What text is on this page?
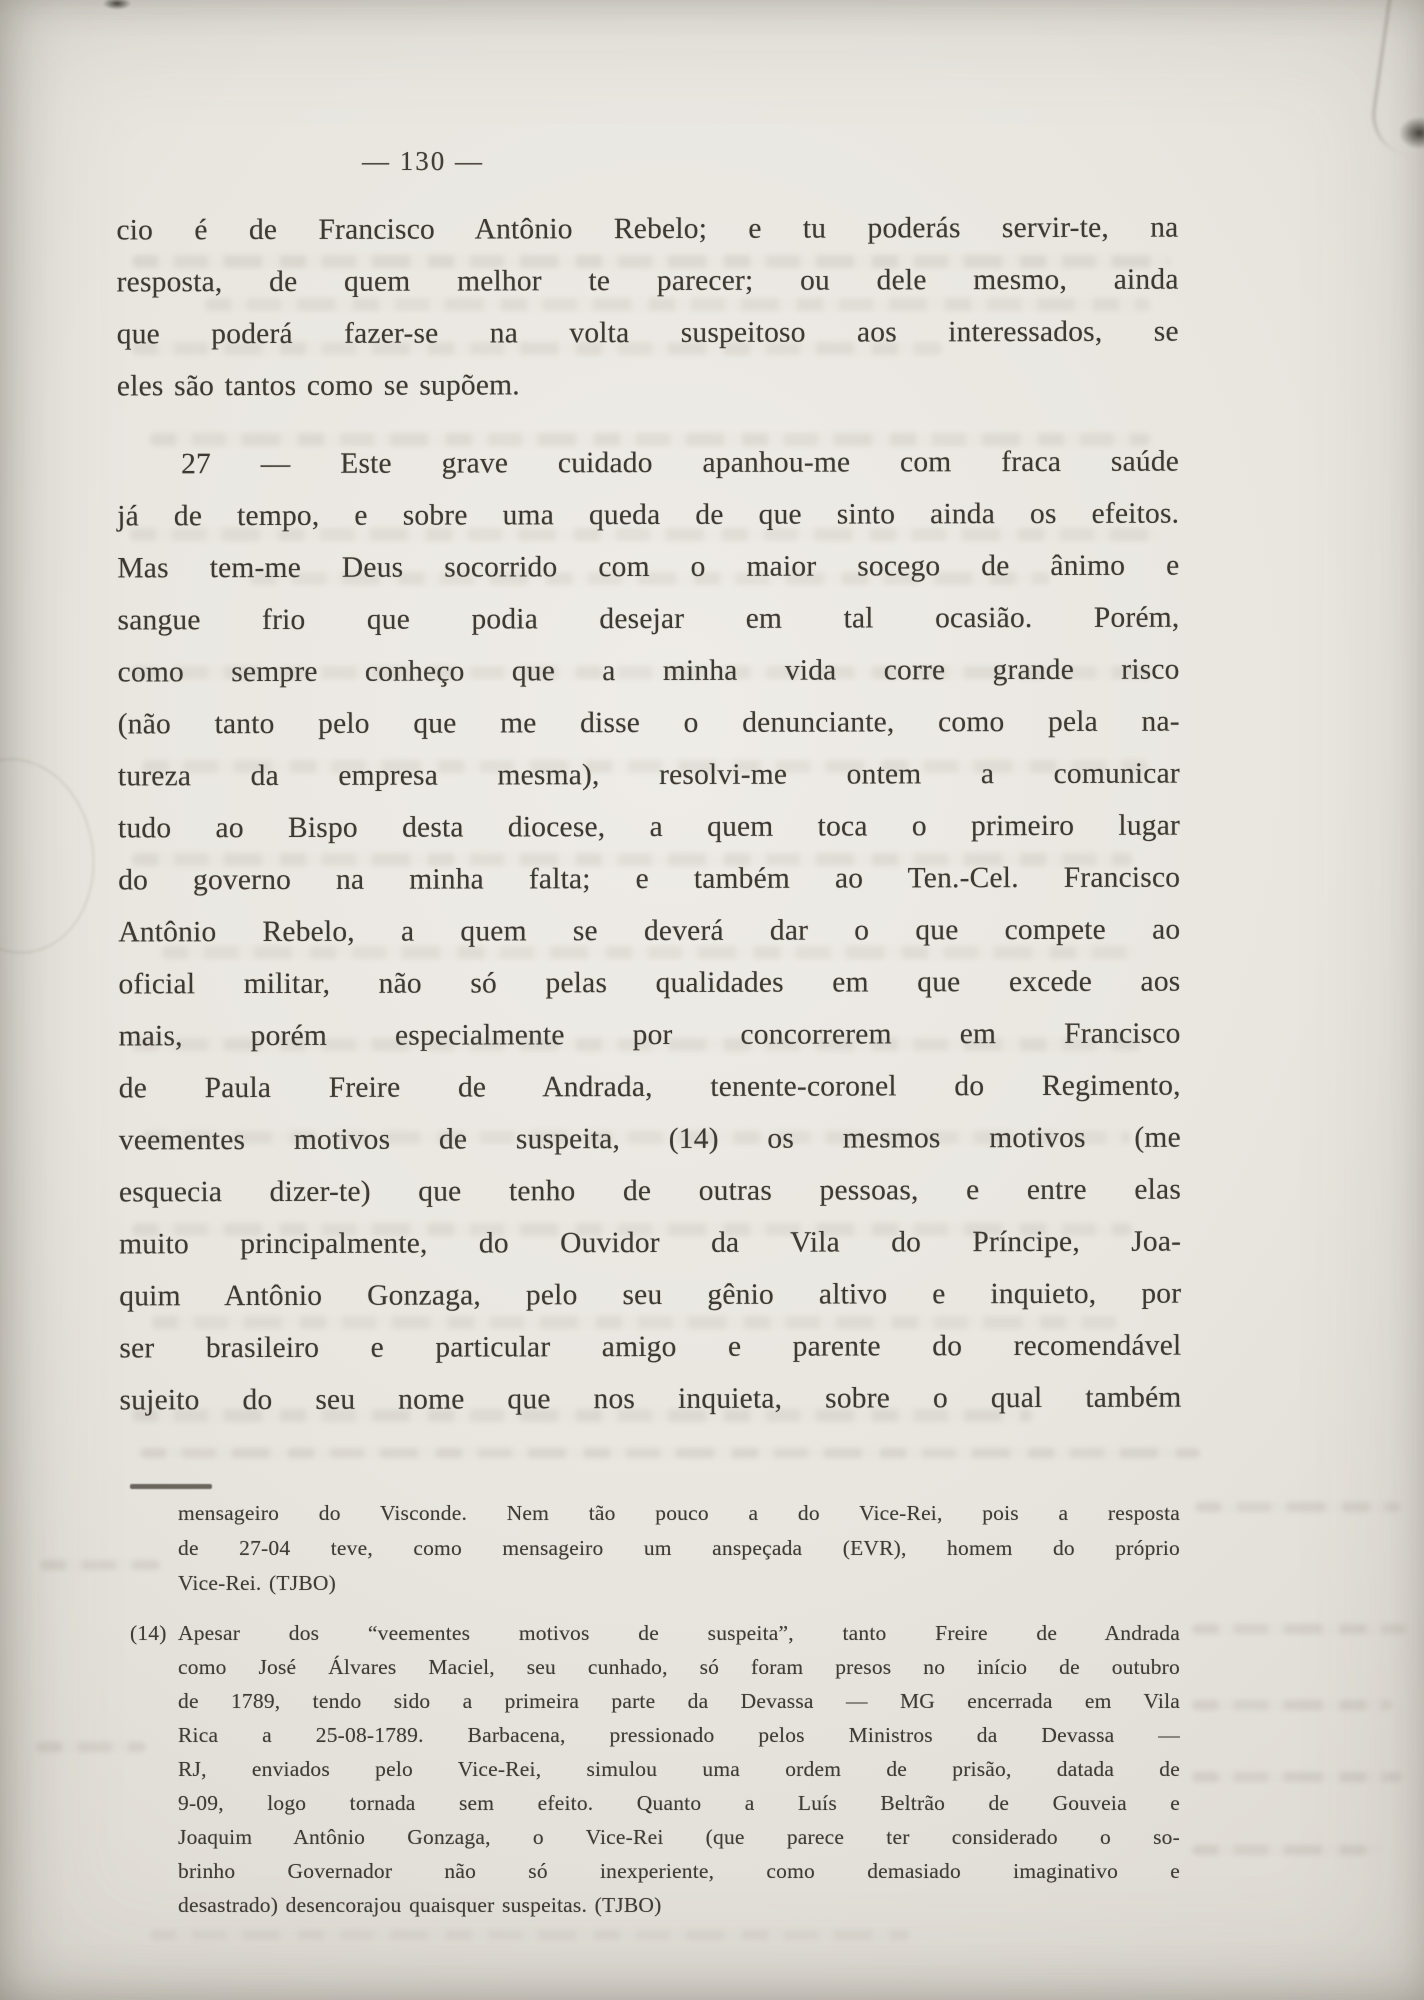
— 130 —
cio é de Francisco Antônio Rebelo; e tu poderás servir-te, na
resposta, de quem melhor te parecer; ou dele mesmo, ainda
que poderá fazer-se na volta suspeitoso aos interessados, se
eles são tantos como se supõem.
27 — Este grave cuidado apanhou-me com fraca saúde
já de tempo, e sobre uma queda de que sinto ainda os efeitos.
Mas tem-me Deus socorrido com o maior socego de ânimo e
sangue frio que podia desejar em tal ocasião. Porém,
como sempre conheço que a minha vida corre grande risco
(não tanto pelo que me disse o denunciante, como pela na-
tureza da empresa mesma), resolvi-me ontem a comunicar
tudo ao Bispo desta diocese, a quem toca o primeiro lugar
do governo na minha falta; e também ao Ten.-Cel. Francisco
Antônio Rebelo, a quem se deverá dar o que compete ao
oficial militar, não só pelas qualidades em que excede aos
mais, porém especialmente por concorrerem em Francisco
de Paula Freire de Andrada, tenente-coronel do Regimento,
veementes motivos de suspeita, (14) os mesmos motivos (me
esquecia dizer-te) que tenho de outras pessoas, e entre elas
muito principalmente, do Ouvidor da Vila do Príncipe, Joa-
quim Antônio Gonzaga, pelo seu gênio altivo e inquieto, por
ser brasileiro e particular amigo e parente do recomendável
sujeito do seu nome que nos inquieta, sobre o qual também
mensageiro do Visconde. Nem tão pouco a do Vice-Rei, pois a resposta
de 27-04 teve, como mensageiro um anspeçada (EVR), homem do próprio
Vice-Rei. (TJBO)
(14) Apesar dos “veementes motivos de suspeita”, tanto Freire de Andrada
como José Álvares Maciel, seu cunhado, só foram presos no início de outubro
de 1789, tendo sido a primeira parte da Devassa — MG encerrada em Vila
Rica a 25-08-1789. Barbacena, pressionado pelos Ministros da Devassa —
RJ, enviados pelo Vice-Rei, simulou uma ordem de prisão, datada de
9-09, logo tornada sem efeito. Quanto a Luís Beltrão de Gouveia e
Joaquim Antônio Gonzaga, o Vice-Rei (que parece ter considerado o so-
brinho Governador não só inexperiente, como demasiado imaginativo e
desastrado) desencorajou quaisquer suspeitas. (TJBO)
